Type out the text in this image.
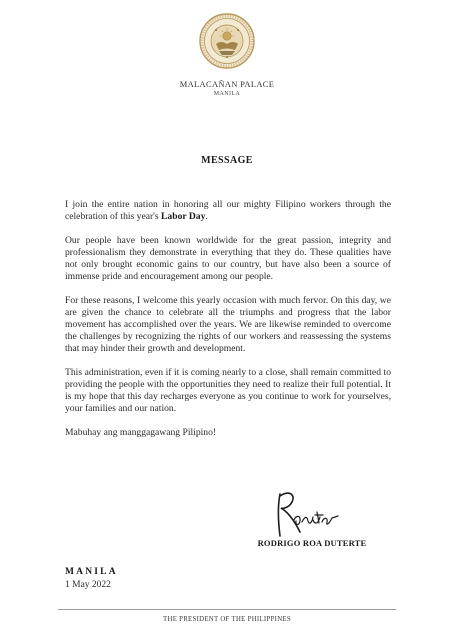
MALACAÑAN PALACE
MANILA
MESSAGE

I join the entire nation in honoring all our mighty Filipino workers through the celebration of this year's Labor Day.

Our people have been known worldwide for the great passion, integrity and professionalism they demonstrate in everything that they do. These qualities have not only brought economic gains to our country, but have also been a source of immense pride and encouragement among our people.

For these reasons, I welcome this yearly occasion with much fervor. On this day, we are given the chance to celebrate all the triumphs and progress that the labor movement has accomplished over the years. We are likewise reminded to overcome the challenges by recognizing the rights of our workers and reassessing the systems that may hinder their growth and development.

This administration, even if it is coming nearly to a close, shall remain committed to providing the people with the opportunities they need to realize their full potential. It is my hope that this day recharges everyone as you continue to work for yourselves, your families and our nation.

Mabuhay ang manggagawang Pilipino!

RODRIGO ROA DUTERTE
MANILA
1 May 2022
THE PRESIDENT OF THE PHILIPPINES
